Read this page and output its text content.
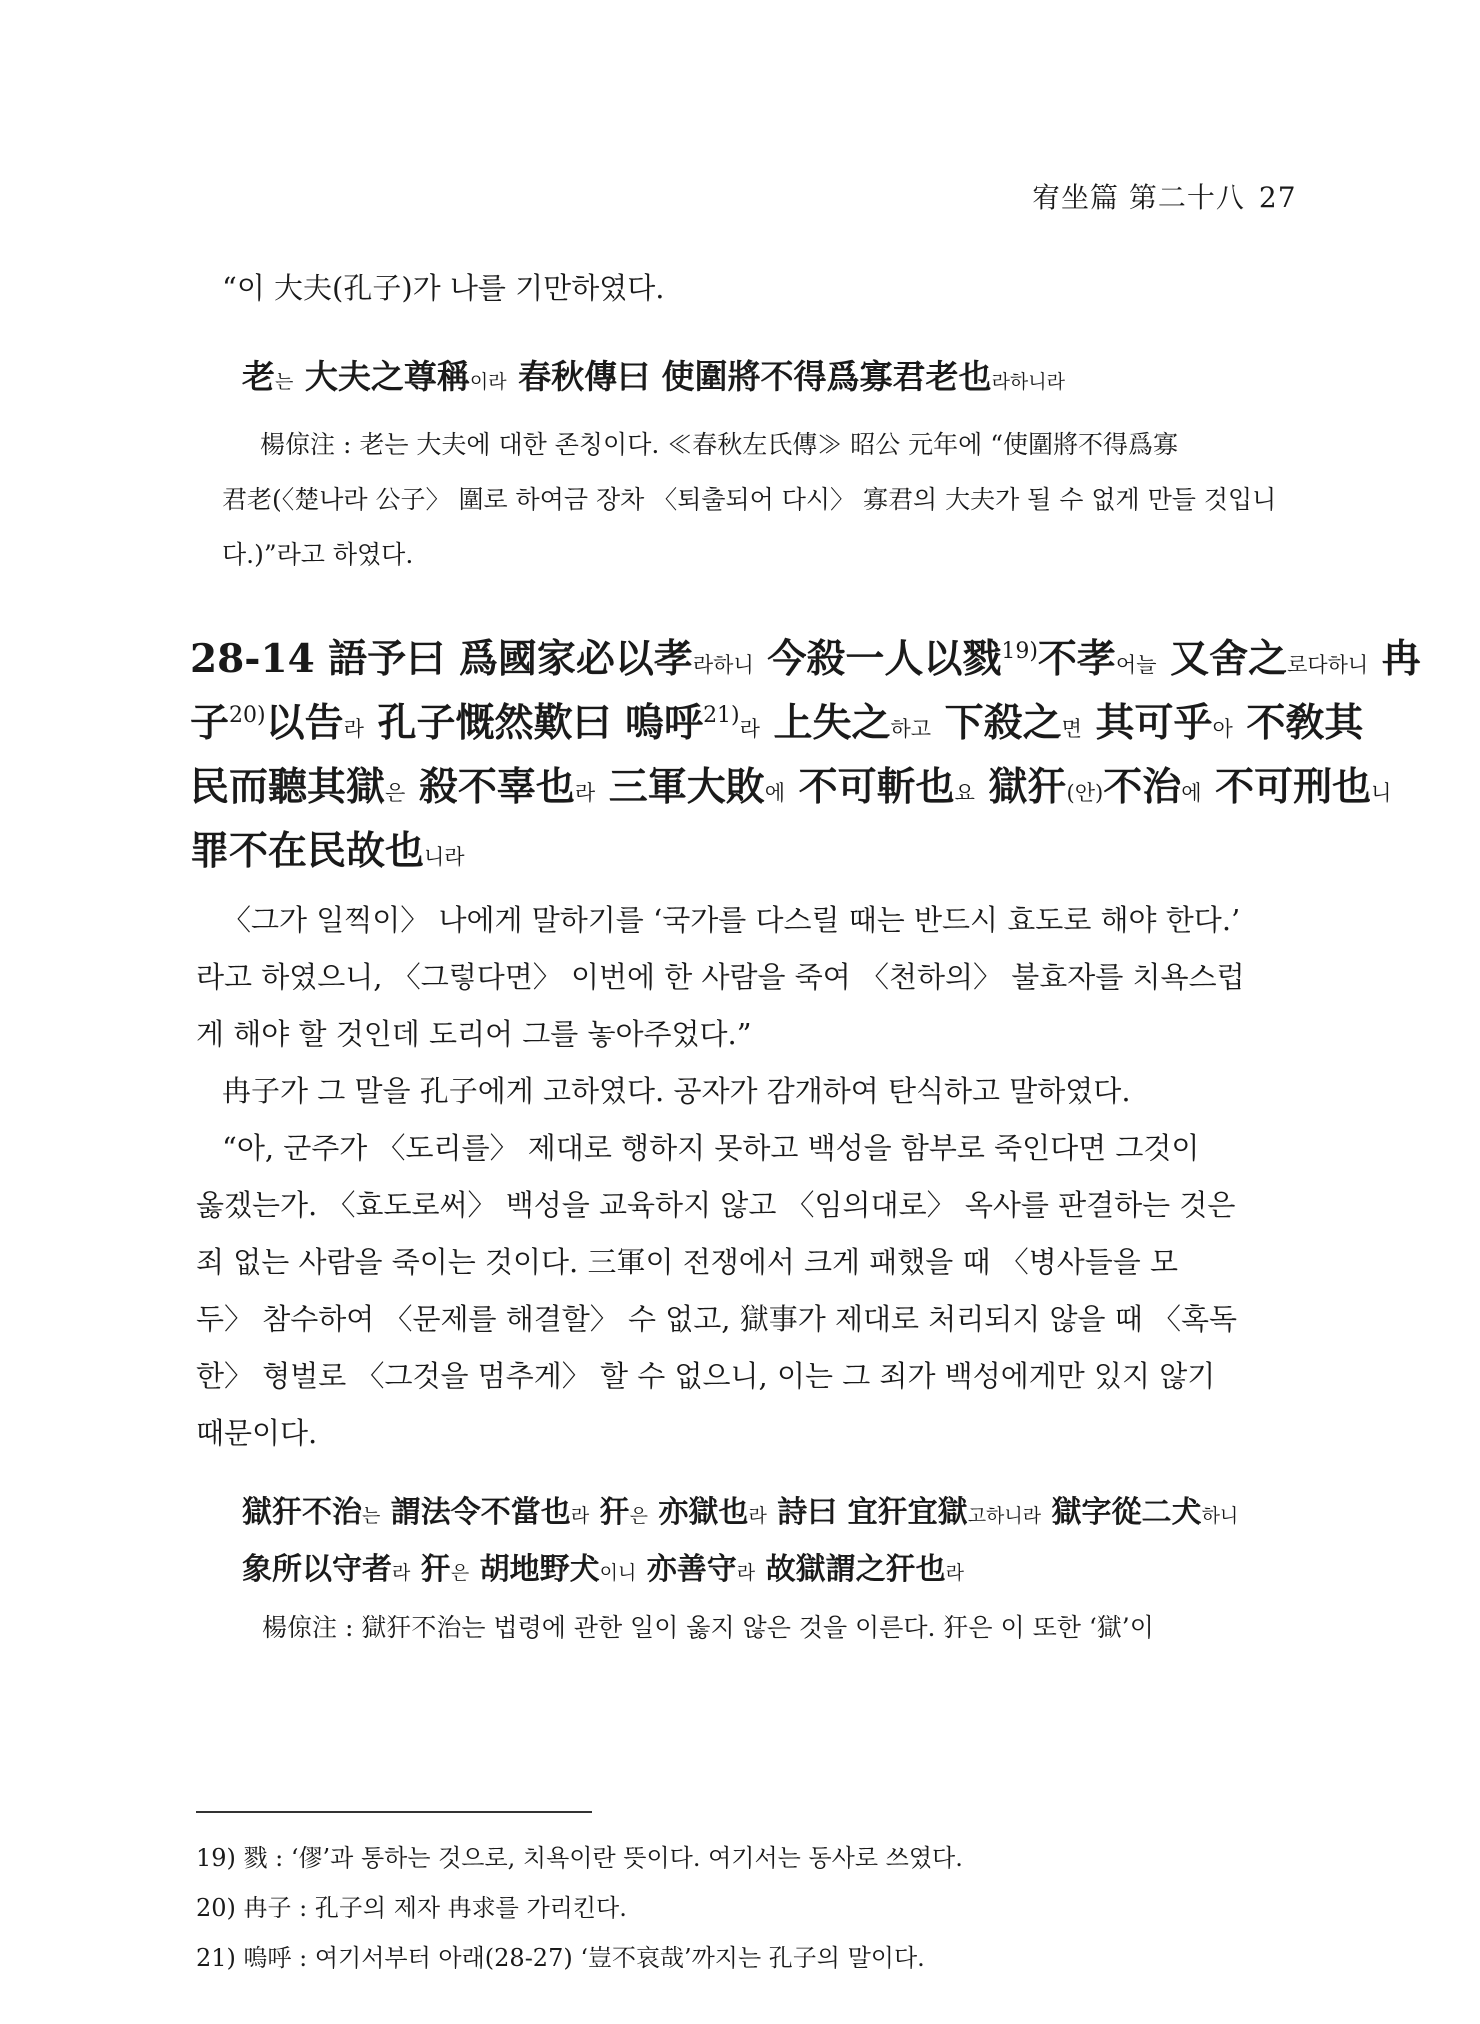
宥坐篇 第二十八 27
“이 大夫(孔子)가 나를 기만하였다.
老는 大夫之尊稱이라 春秋傳曰 使圍將不得爲寡君老也라하니라
楊倞注 : 老는 大夫에 대한 존칭이다. ≪春秋左氏傳≫ 昭公 元年에 “使圍將不得爲寡
君老(〈楚나라 公子〉 圍로 하여금 장차 〈퇴출되어 다시〉 寡君의 大夫가 될 수 없게 만들 것입니
다.)”라고 하였다.
28-14 語予曰 爲國家必以孝라하니 今殺一人以戮$^{19)}$不孝어늘 又舍之로다하니 冉
子$^{20)}$以告라 孔子慨然歎曰 嗚呼$^{21)}$라 上失之하고 下殺之면 其可乎아 不敎其
民而聽其獄은 殺不辜也라 三軍大敗에 不可斬也요 獄犴(안)不治에 不可刑也니
罪不在民故也니라
〈그가 일찍이〉 나에게 말하기를 ‘국가를 다스릴 때는 반드시 효도로 해야 한다.’
라고 하였으니, 〈그렇다면〉 이번에 한 사람을 죽여 〈천하의〉 불효자를 치욕스럽
게 해야 할 것인데 도리어 그를 놓아주었다.”
冉子가 그 말을 孔子에게 고하였다. 공자가 감개하여 탄식하고 말하였다.
“아, 군주가 〈도리를〉 제대로 행하지 못하고 백성을 함부로 죽인다면 그것이
옳겠는가. 〈효도로써〉 백성을 교육하지 않고 〈임의대로〉 옥사를 판결하는 것은
죄 없는 사람을 죽이는 것이다. 三軍이 전쟁에서 크게 패했을 때 〈병사들을 모
두〉 참수하여 〈문제를 해결할〉 수 없고, 獄事가 제대로 처리되지 않을 때 〈혹독
한〉 형벌로 〈그것을 멈추게〉 할 수 없으니, 이는 그 죄가 백성에게만 있지 않기
때문이다.
獄犴不治는 謂法令不當也라 犴은 亦獄也라 詩曰 宜犴宜獄고하니라 獄字從二犬하니
象所以守者라 犴은 胡地野犬이니 亦善守라 故獄謂之犴也라
楊倞注 : 獄犴不治는 법령에 관한 일이 옳지 않은 것을 이른다. 犴은 이 또한 ‘獄’이
19) 戮 : ‘僇’과 통하는 것으로, 치욕이란 뜻이다. 여기서는 동사로 쓰였다.
20) 冉子 : 孔子의 제자 冉求를 가리킨다.
21) 嗚呼 : 여기서부터 아래(28-27) ‘豈不哀哉’까지는 孔子의 말이다.
